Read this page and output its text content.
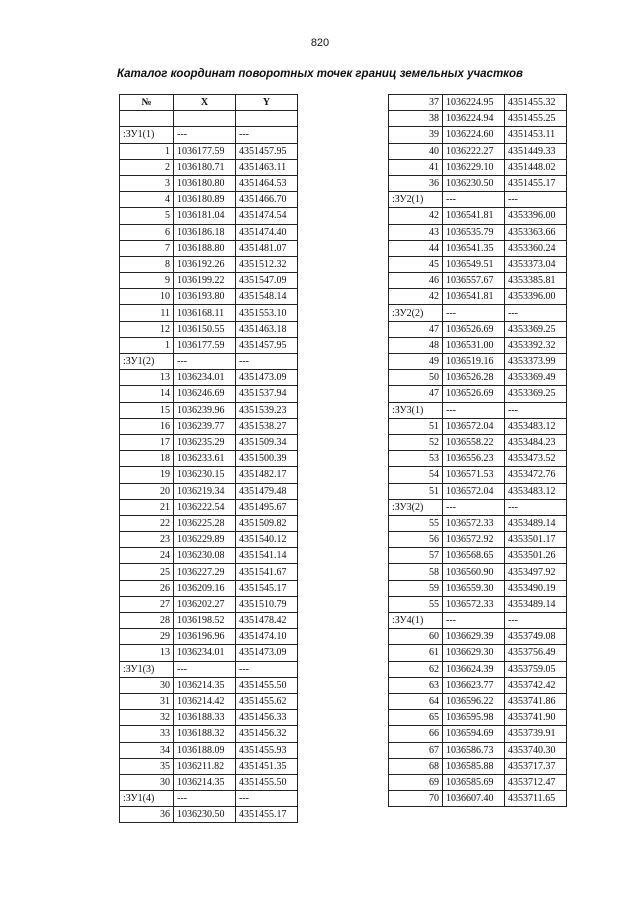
820
Каталог координат поворотных точек границ земельных участков
№	X	Y

:ЗУ1(1)	---	---
1	1036177.59	4351457.95
2	1036180.71	4351463.11
3	1036180.80	4351464.53
4	1036180.89	4351466.70
5	1036181.04	4351474.54
6	1036186.18	4351474.40
7	1036188.80	4351481.07
8	1036192.26	4351512.32
9	1036199.22	4351547.09
10	1036193.80	4351548.14
11	1036168.11	4351553.10
12	1036150.55	4351463.18
1	1036177.59	4351457.95
:ЗУ1(2)	---	---
13	1036234.01	4351473.09
14	1036246.69	4351537.94
15	1036239.96	4351539.23
16	1036239.77	4351538.27
17	1036235.29	4351509.34
18	1036233.61	4351500.39
19	1036230.15	4351482.17
20	1036219.34	4351479.48
21	1036222.54	4351495.67
22	1036225.28	4351509.82
23	1036229.89	4351540.12
24	1036230.08	4351541.14
25	1036227.29	4351541.67
26	1036209.16	4351545.17
27	1036202.27	4351510.79
28	1036198.52	4351478.42
29	1036196.96	4351474.10
13	1036234.01	4351473.09
:ЗУ1(3)	---	---
30	1036214.35	4351455.50
31	1036214.42	4351455.62
32	1036188.33	4351456.33
33	1036188.32	4351456.32
34	1036188.09	4351455.93
35	1036211.82	4351451.35
30	1036214.35	4351455.50
:ЗУ1(4)	---	---
36	1036230.50	4351455.17
37	1036224.95	4351455.32
38	1036224.94	4351455.25
39	1036224.60	4351453.11
40	1036222.27	4351449.33
41	1036229.10	4351448.02
36	1036230.50	4351455.17
:ЗУ2(1)	---	---
42	1036541.81	4353396.00
43	1036535.79	4353363.66
44	1036541.35	4353360.24
45	1036549.51	4353373.04
46	1036557.67	4353385.81
42	1036541.81	4353396.00
:ЗУ2(2)	---	---
47	1036526.69	4353369.25
48	1036531.00	4353392.32
49	1036519.16	4353373.99
50	1036526.28	4353369.49
47	1036526.69	4353369.25
:ЗУ3(1)	---	---
51	1036572.04	4353483.12
52	1036558.22	4353484.23
53	1036556.23	4353473.52
54	1036571.53	4353472.76
51	1036572.04	4353483.12
:ЗУ3(2)	---	---
55	1036572.33	4353489.14
56	1036572.92	4353501.17
57	1036568.65	4353501.26
58	1036560.90	4353497.92
59	1036559.30	4353490.19
55	1036572.33	4353489.14
:ЗУ4(1)	---	---
60	1036629.39	4353749.08
61	1036629.30	4353756.49
62	1036624.39	4353759.05
63	1036623.77	4353742.42
64	1036596.22	4353741.86
65	1036595.98	4353741.90
66	1036594.69	4353739.91
67	1036586.73	4353740.30
68	1036585.88	4353717.37
69	1036585.69	4353712.47
70	1036607.40	4353711.65
